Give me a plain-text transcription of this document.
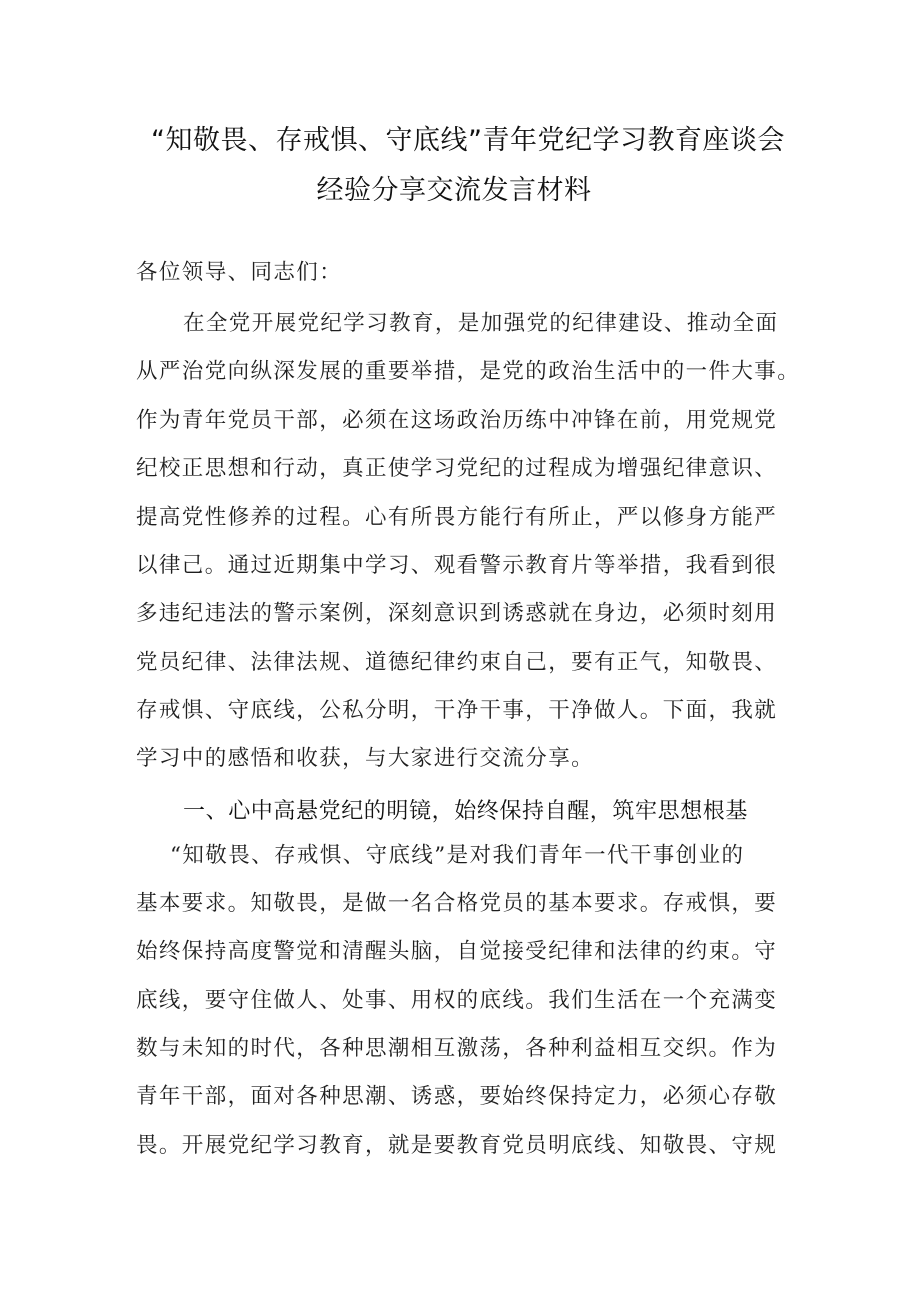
“知敬畏、存戒惧、守底线”青年党纪学习教育座谈会
经验分享交流发言材料
各位领导、同志们：
在全党开展党纪学习教育，是加强党的纪律建设、推动全面
从严治党向纵深发展的重要举措，是党的政治生活中的一件大事。
作为青年党员干部，必须在这场政治历练中冲锋在前，用党规党
纪校正思想和行动，真正使学习党纪的过程成为增强纪律意识、
提高党性修养的过程。心有所畏方能行有所止，严以修身方能严
以律己。通过近期集中学习、观看警示教育片等举措，我看到很
多违纪违法的警示案例，深刻意识到诱惑就在身边，必须时刻用
党员纪律、法律法规、道德纪律约束自己，要有正气，知敬畏、
存戒惧、守底线，公私分明，干净干事，干净做人。下面，我就
学习中的感悟和收获，与大家进行交流分享。
一、心中高悬党纪的明镜，始终保持自醒，筑牢思想根基
“知敬畏、存戒惧、守底线”是对我们青年一代干事创业的
基本要求。知敬畏，是做一名合格党员的基本要求。存戒惧，要
始终保持高度警觉和清醒头脑，自觉接受纪律和法律的约束。守
底线，要守住做人、处事、用权的底线。我们生活在一个充满变
数与未知的时代，各种思潮相互激荡，各种利益相互交织。作为
青年干部，面对各种思潮、诱惑，要始终保持定力，必须心存敬
畏。开展党纪学习教育，就是要教育党员明底线、知敬畏、守规
